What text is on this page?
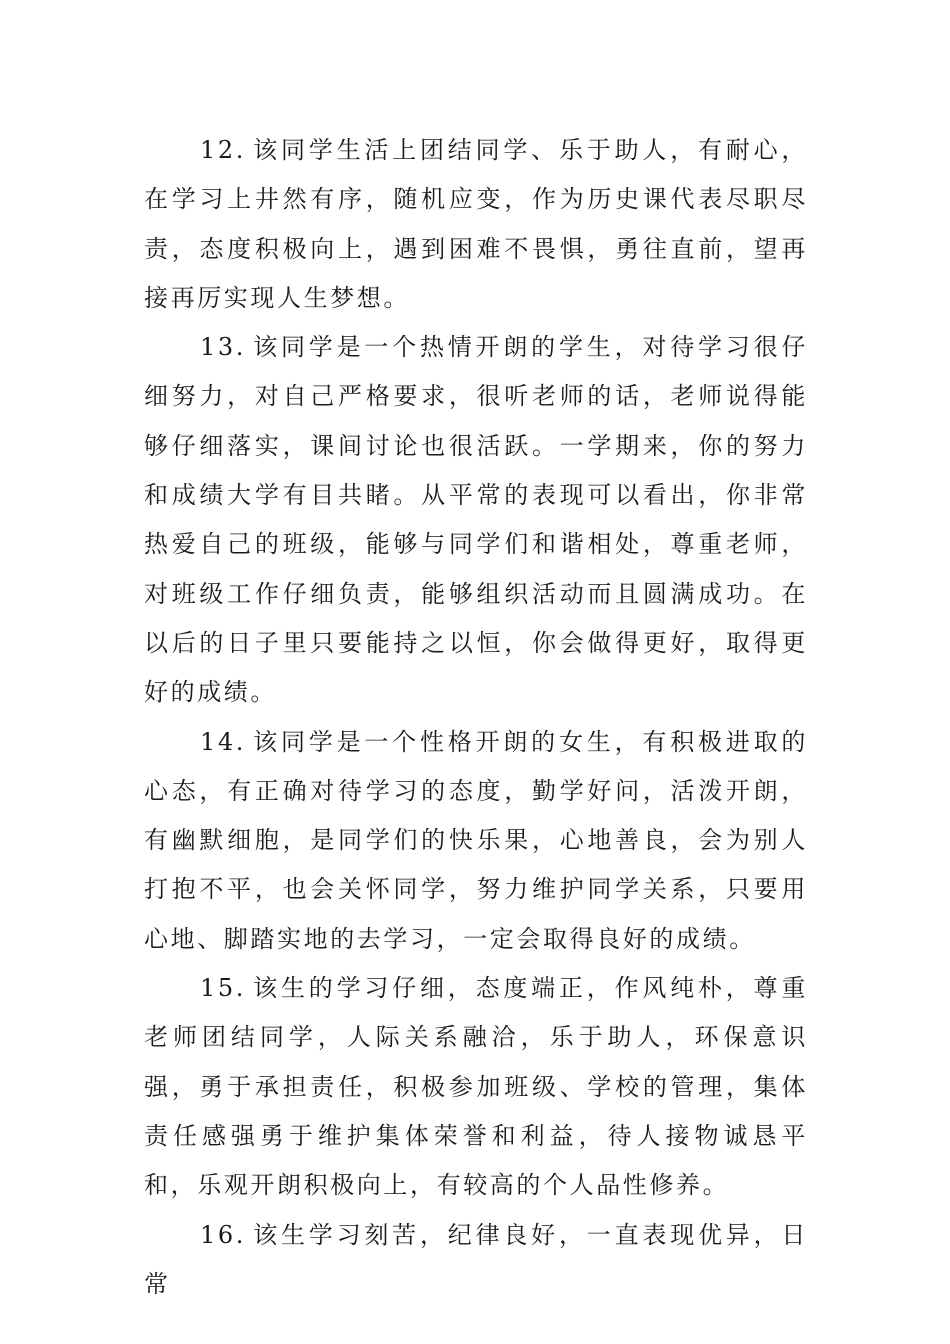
12. 该同学生活上团结同学、乐于助人，有耐心，在学习上井然有序，随机应变，作为历史课代表尽职尽责，态度积极向上，遇到困难不畏惧，勇往直前，望再接再厉实现人生梦想。

13. 该同学是一个热情开朗的学生，对待学习很仔细努力，对自己严格要求，很听老师的话，老师说得能够仔细落实，课间讨论也很活跃。一学期来，你的努力和成绩大学有目共睹。从平常的表现可以看出，你非常热爱自己的班级，能够与同学们和谐相处，尊重老师，对班级工作仔细负责，能够组织活动而且圆满成功。在以后的日子里只要能持之以恒，你会做得更好，取得更好的成绩。

14. 该同学是一个性格开朗的女生，有积极进取的心态，有正确对待学习的态度，勤学好问，活泼开朗，有幽默细胞，是同学们的快乐果，心地善良，会为别人打抱不平，也会关怀同学，努力维护同学关系，只要用心地、脚踏实地的去学习，一定会取得良好的成绩。

15. 该生的学习仔细，态度端正，作风纯朴，尊重老师团结同学，人际关系融洽，乐于助人，环保意识强，勇于承担责任，积极参加班级、学校的管理，集体责任感强勇于维护集体荣誉和利益，待人接物诚恳平和，乐观开朗积极向上，有较高的个人品性修养。

16. 该生学习刻苦，纪律良好，一直表现优异，日常
